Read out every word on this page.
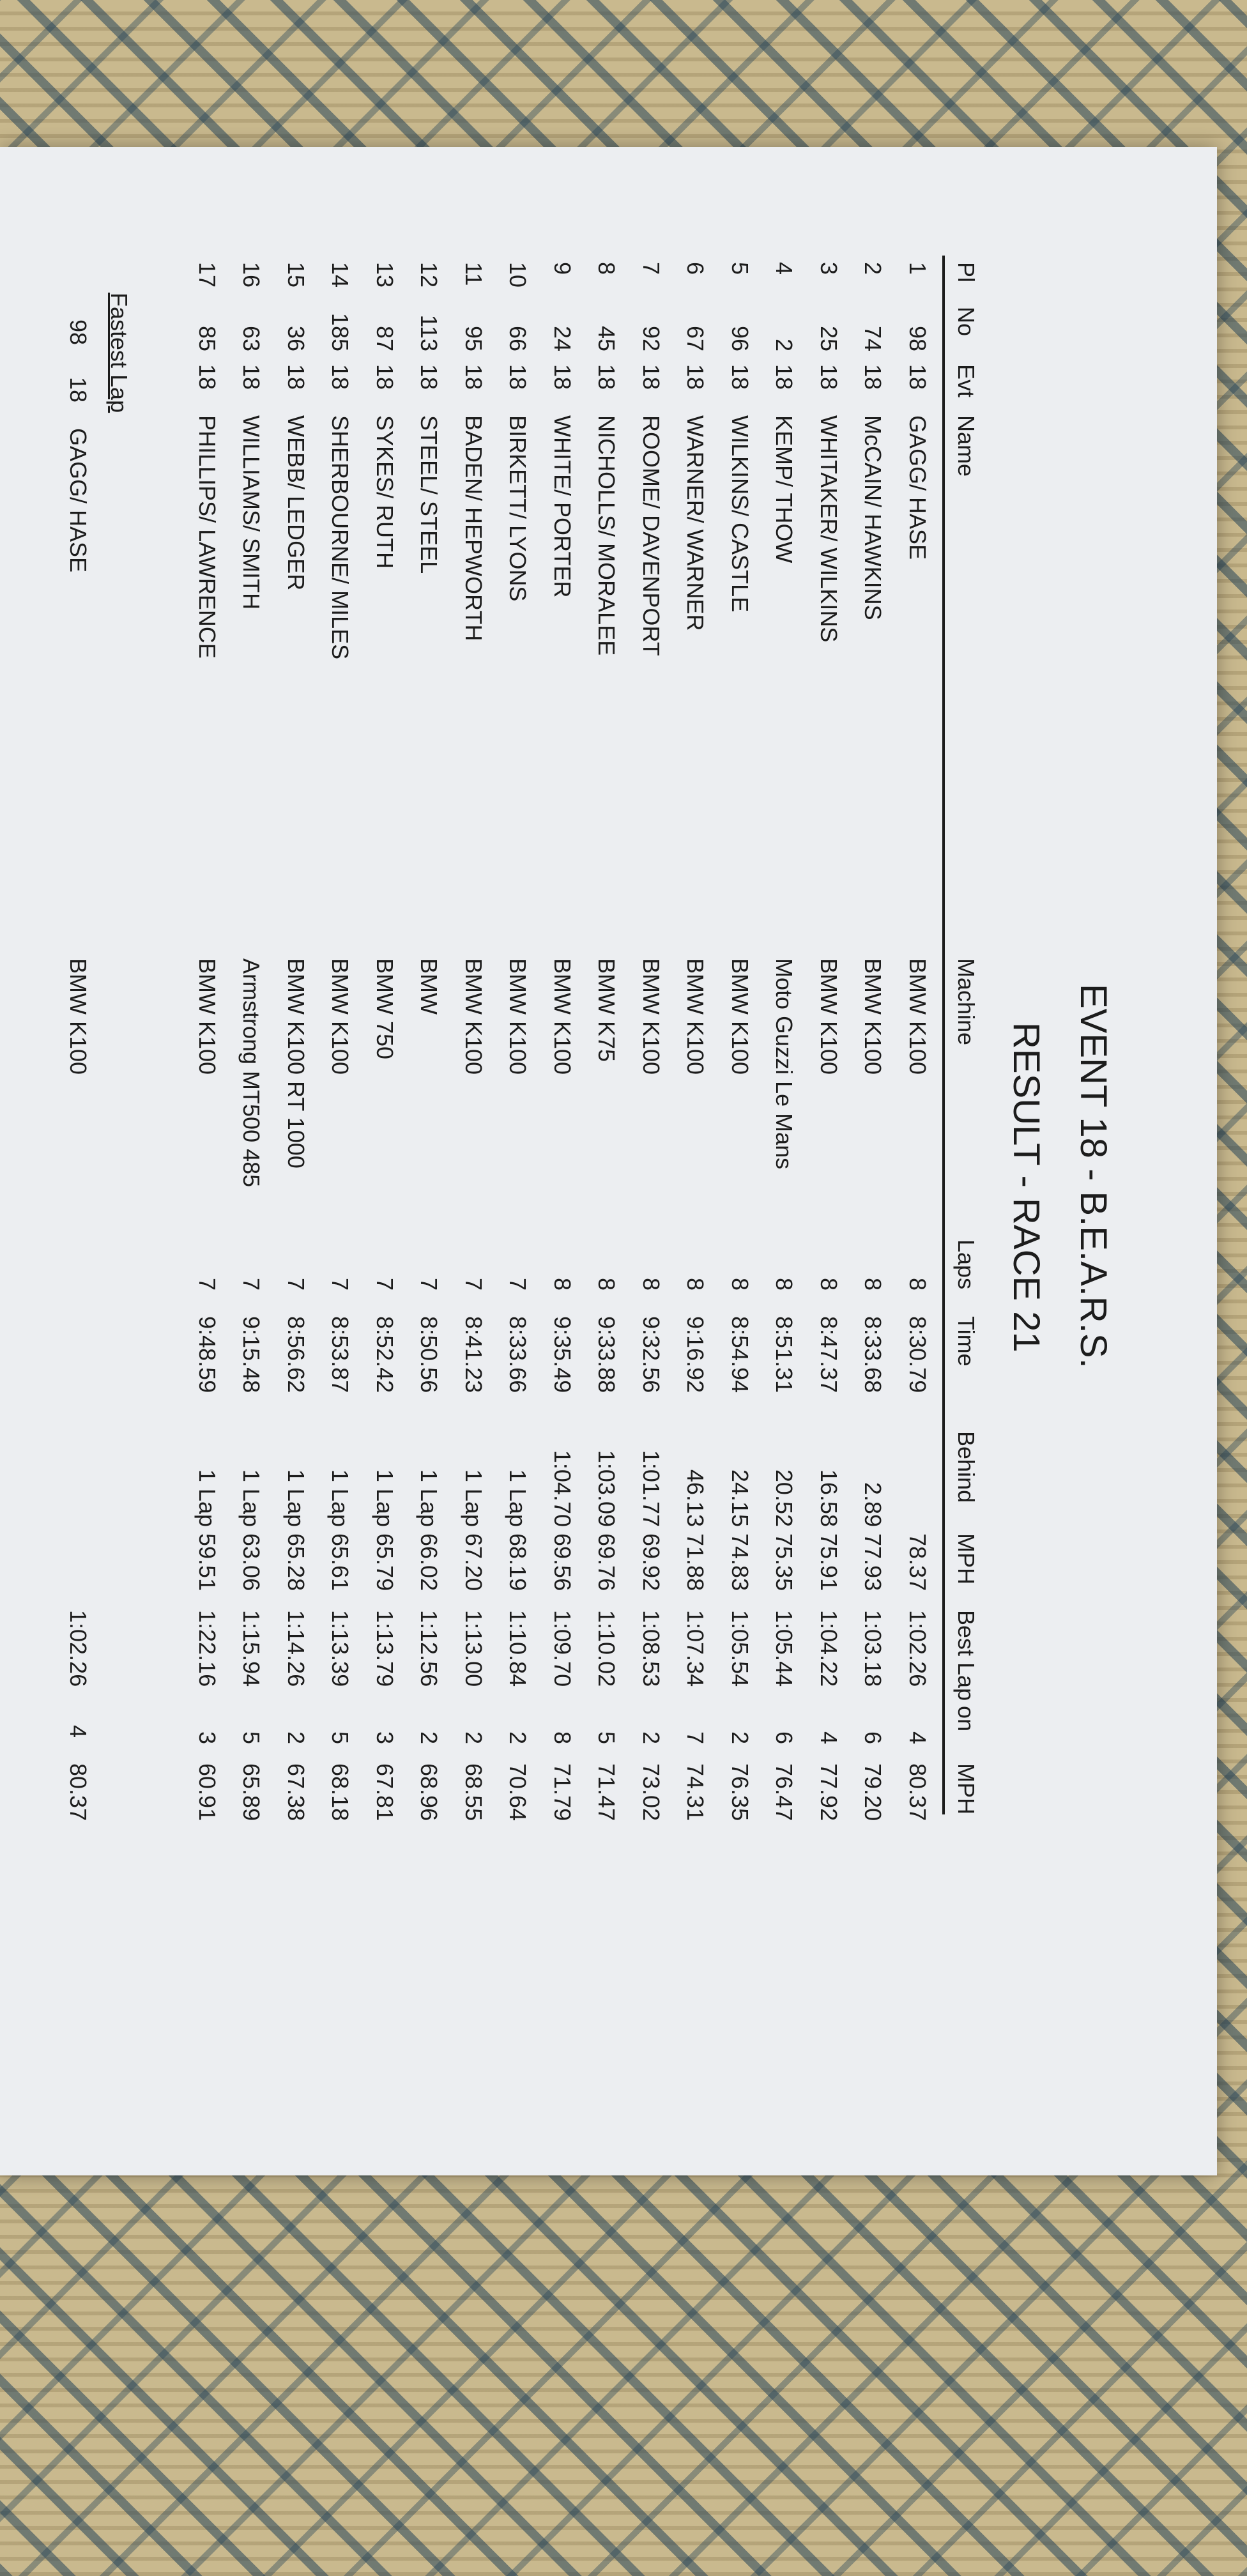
EVENT 18 - B.E.A.R.S.
RESULT - RACE 21
Pl
No
Evt
Name
Machine
Laps
Time
Behind
MPH
Best Lap
on
MPH
1
98
18
GAGG/ HASE
BMW K100
8
8:30.79
78.37
1:02.26
4
80.37
2
74
18
McCAIN/ HAWKINS
BMW K100
8
8:33.68
2.89
77.93
1:03.18
6
79.20
3
25
18
WHITAKER/ WILKINS
BMW K100
8
8:47.37
16.58
75.91
1:04.22
4
77.92
4
2
18
KEMP/ THOW
Moto Guzzi Le Mans
8
8:51.31
20.52
75.35
1:05.44
6
76.47
5
96
18
WILKINS/ CASTLE
BMW K100
8
8:54.94
24.15
74.83
1:05.54
2
76.35
6
67
18
WARNER/ WARNER
BMW K100
8
9:16.92
46.13
71.88
1:07.34
7
74.31
7
92
18
ROOME/ DAVENPORT
BMW K100
8
9:32.56
1:01.77
69.92
1:08.53
2
73.02
8
45
18
NICHOLLS/ MORALEE
BMW K75
8
9:33.88
1:03.09
69.76
1:10.02
5
71.47
9
24
18
WHITE/ PORTER
BMW K100
8
9:35.49
1:04.70
69.56
1:09.70
8
71.79
10
66
18
BIRKETT/ LYONS
BMW K100
7
8:33.66
1 Lap
68.19
1:10.84
2
70.64
11
95
18
BADEN/ HEPWORTH
BMW K100
7
8:41.23
1 Lap
67.20
1:13.00
2
68.55
12
113
18
STEEL/ STEEL
BMW
7
8:50.56
1 Lap
66.02
1:12.56
2
68.96
13
87
18
SYKES/ RUTH
BMW 750
7
8:52.42
1 Lap
65.79
1:13.79
3
67.81
14
185
18
SHERBOURNE/ MILES
BMW K100
7
8:53.87
1 Lap
65.61
1:13.39
5
68.18
15
36
18
WEBB/ LEDGER
BMW K100 RT 1000
7
8:56.62
1 Lap
65.28
1:14.26
2
67.38
16
63
18
WILLIAMS/ SMITH
Armstrong MT500 485
7
9:15.48
1 Lap
63.06
1:15.94
5
65.89
17
85
18
PHILLIPS/ LAWRENCE
BMW K100
7
9:48.59
1 Lap
59.51
1:22.16
3
60.91
Fastest Lap
98
18
GAGG/ HASE
BMW K100
1:02.26
4
80.37
